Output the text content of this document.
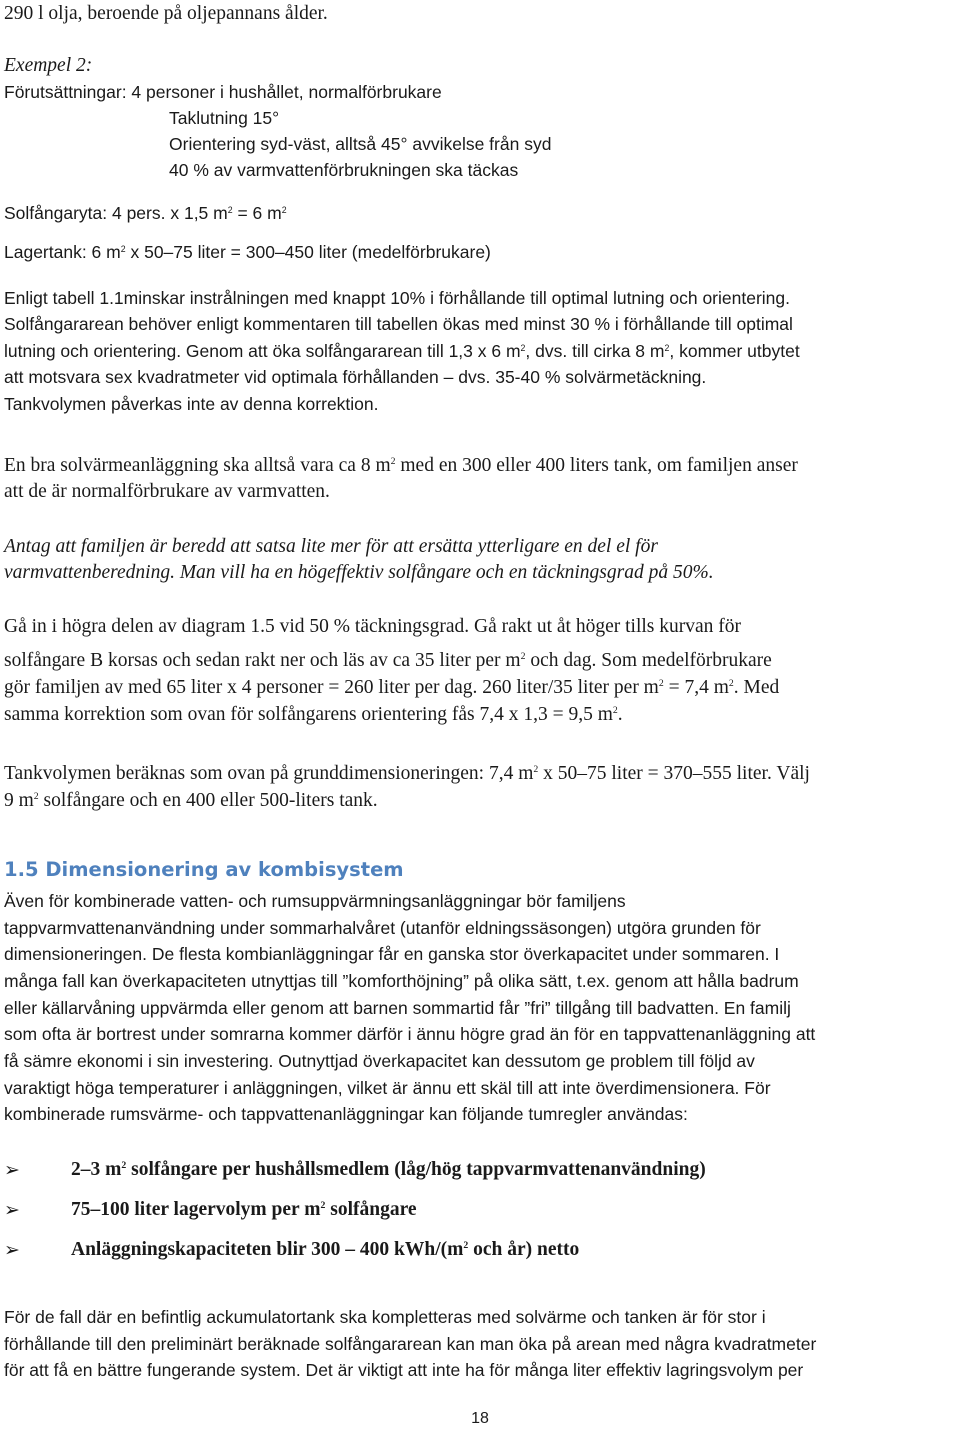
290 l olja, beroende på oljepannans ålder.
Exempel 2:
Förutsättningar: 4 personer i hushållet, normalförbrukare
Taklutning 15°
Orientering syd-väst, alltså 45° avvikelse från syd
40 % av varmvattenförbrukningen ska täckas
Solfångaryta: 4 pers. x 1,5 $m^2 = 6$ $m^2$
Lagertank: 6 $m^2$ x 50–75 liter = 300–450 liter (medelförbrukare)
Enligt tabell 1.1minskar instrålningen med knappt 10% i förhållande till optimal lutning och orientering.
Solfångararean behöver enligt kommentaren till tabellen ökas med minst 30 % i förhållande till optimal
lutning och orientering. Genom att öka solfångararean till 1,3 x 6 $m^2$, dvs. till cirka 8 $m^2$, kommer utbytet
att motsvara sex kvadratmeter vid optimala förhållanden – dvs. 35-40 % solvärmetäckning.
Tankvolymen påverkas inte av denna korrektion.
En bra solvärmeanläggning ska alltså vara ca 8 $m^2$ med en 300 eller 400 liters tank, om familjen anser
att de är normalförbrukare av varmvatten.
Antag att familjen är beredd att satsa lite mer för att ersätta ytterligare en del el för
varmvattenberedning. Man vill ha en högeffektiv solfångare och en täckningsgrad på 50%.
Gå in i högra delen av diagram 1.5 vid 50 % täckningsgrad. Gå rakt ut åt höger tills kurvan för
solfångare B korsas och sedan rakt ner och läs av ca 35 liter per $m^2$ och dag. Som medelförbrukare
gör familjen av med 65 liter x 4 personer = 260 liter per dag. 260 liter/35 liter per $m^2 = 7,4$ $m^2$. Med
samma korrektion som ovan för solfångarens orientering fås 7,4 x 1,3 = 9,5 $m^2$.
Tankvolymen beräknas som ovan på grunddimensioneringen: 7,4 $m^2$ x 50–75 liter = 370–555 liter. Välj
9 $m^2$ solfångare och en 400 eller 500-liters tank.
1.5 Dimensionering av kombisystem
Även för kombinerade vatten- och rumsuppvärmningsanläggningar bör familjens
tappvarmvattenanvändning under sommarhalvåret (utanför eldningssäsongen) utgöra grunden för
dimensioneringen. De flesta kombianläggningar får en ganska stor överkapacitet under sommaren. I
många fall kan överkapaciteten utnyttjas till ”komforthöjning” på olika sätt, t.ex. genom att hålla badrum
eller källarvåning uppvärmda eller genom att barnen sommartid får ”fri” tillgång till badvatten. En familj
som ofta är bortrest under somrarna kommer därför i ännu högre grad än för en tappvattenanläggning att
få sämre ekonomi i sin investering. Outnyttjad överkapacitet kan dessutom ge problem till följd av
varaktigt höga temperaturer i anläggningen, vilket är ännu ett skäl till att inte överdimensionera. För
kombinerade rumsvärme- och tappvattenanläggningar kan följande tumregler användas:
➢	2–3 $m^2$ solfångare per hushållsmedlem (låg/hög tappvarmvattenanvändning)
➢	75–100 liter lagervolym per $m^2$ solfångare
➢	Anläggningskapaciteten blir 300 – 400 kWh/($m^2$ och år) netto
För de fall där en befintlig ackumulatortank ska kompletteras med solvärme och tanken är för stor i
förhållande till den preliminärt beräknade solfångararean kan man öka på arean med några kvadratmeter
för att få en bättre fungerande system. Det är viktigt att inte ha för många liter effektiv lagringsvolym per
18
